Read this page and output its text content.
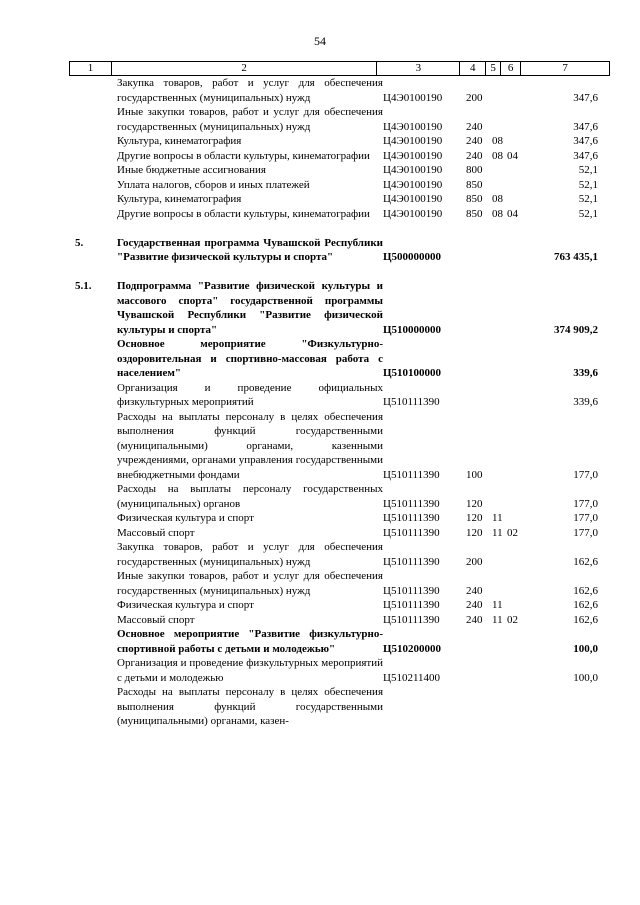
54
1	2	3	4	5	6	7
Закупка товаров, работ и услуг для обеспечения государственных (муниципальных) нужд	Ц4Э0100190	200	347,6
Иные закупки товаров, работ и услуг для обеспечения государственных (муниципальных) нужд	Ц4Э0100190	240	347,6
Культура, кинематография	Ц4Э0100190	240 08	347,6
Другие вопросы в области культуры, кинематографии	Ц4Э0100190	240 08 04	347,6
Иные бюджетные ассигнования	Ц4Э0100190	800	52,1
Уплата налогов, сборов и иных платежей	Ц4Э0100190	850	52,1
Культура, кинематография	Ц4Э0100190	850 08	52,1
Другие вопросы в области культуры, кинематографии	Ц4Э0100190	850 08 04	52,1
5.	Государственная программа Чувашской Республики "Развитие физической культуры и спорта"	Ц500000000	763 435,1
5.1.	Подпрограмма "Развитие физической культуры и массового спорта" государственной программы Чувашской Республики "Развитие физической культуры и спорта"	Ц510000000	374 909,2
Основное мероприятие "Физкультурно-оздоровительная и спортивно-массовая работа с населением"	Ц510100000	339,6
Организация и проведение официальных физкультурных мероприятий	Ц510111390	339,6
Расходы на выплаты персоналу в целях обеспечения выполнения функций государственными (муниципальными) органами, казенными учреждениями, органами управления государственными внебюджетными фондами	Ц510111390	100	177,0
Расходы на выплаты персоналу государственных (муниципальных) органов	Ц510111390	120	177,0
Физическая культура и спорт	Ц510111390	120 11	177,0
Массовый спорт	Ц510111390	120 11 02	177,0
Закупка товаров, работ и услуг для обеспечения государственных (муниципальных) нужд	Ц510111390	200	162,6
Иные закупки товаров, работ и услуг для обеспечения государственных (муниципальных) нужд	Ц510111390	240	162,6
Физическая культура и спорт	Ц510111390	240 11	162,6
Массовый спорт	Ц510111390	240 11 02	162,6
Основное мероприятие "Развитие физкультурно-спортивной работы с детьми и молодежью"	Ц510200000	100,0
Организация и проведение физкультурных мероприятий с детьми и молодежью	Ц510211400	100,0
Расходы на выплаты персоналу в целях обеспечения выполнения функций государственными (муниципальными) органами, казен-
